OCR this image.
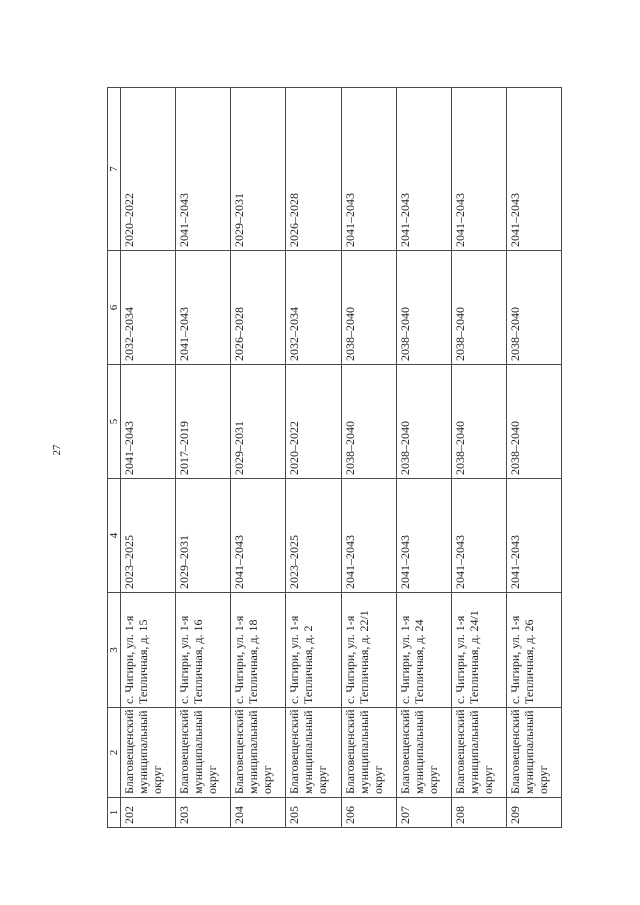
27
1	2	3	4	5	6	7
202	Благовещенский муниципальный округ	с. Чигири, ул. 1-я Тепличная, д. 15	2023–2025	2041–2043	2032–2034	2020–2022
203	Благовещенский муниципальный округ	с. Чигири, ул. 1-я Тепличная, д. 16	2029–2031	2017–2019	2041–2043	2041–2043
204	Благовещенский муниципальный округ	с. Чигири, ул. 1-я Тепличная, д. 18	2041–2043	2029–2031	2026–2028	2029–2031
205	Благовещенский муниципальный округ	с. Чигири, ул. 1-я Тепличная, д. 2	2023–2025	2020–2022	2032–2034	2026–2028
206	Благовещенский муниципальный округ	с. Чигири, ул. 1-я Тепличная, д. 22/1	2041–2043	2038–2040	2038–2040	2041–2043
207	Благовещенский муниципальный округ	с. Чигири, ул. 1-я Тепличная, д. 24	2041–2043	2038–2040	2038–2040	2041–2043
208	Благовещенский муниципальный округ	с. Чигири, ул. 1-я Тепличная, д. 24/1	2041–2043	2038–2040	2038–2040	2041–2043
209	Благовещенский муниципальный округ	с. Чигири, ул. 1-я Тепличная, д. 26	2041–2043	2038–2040	2038–2040	2041–2043
